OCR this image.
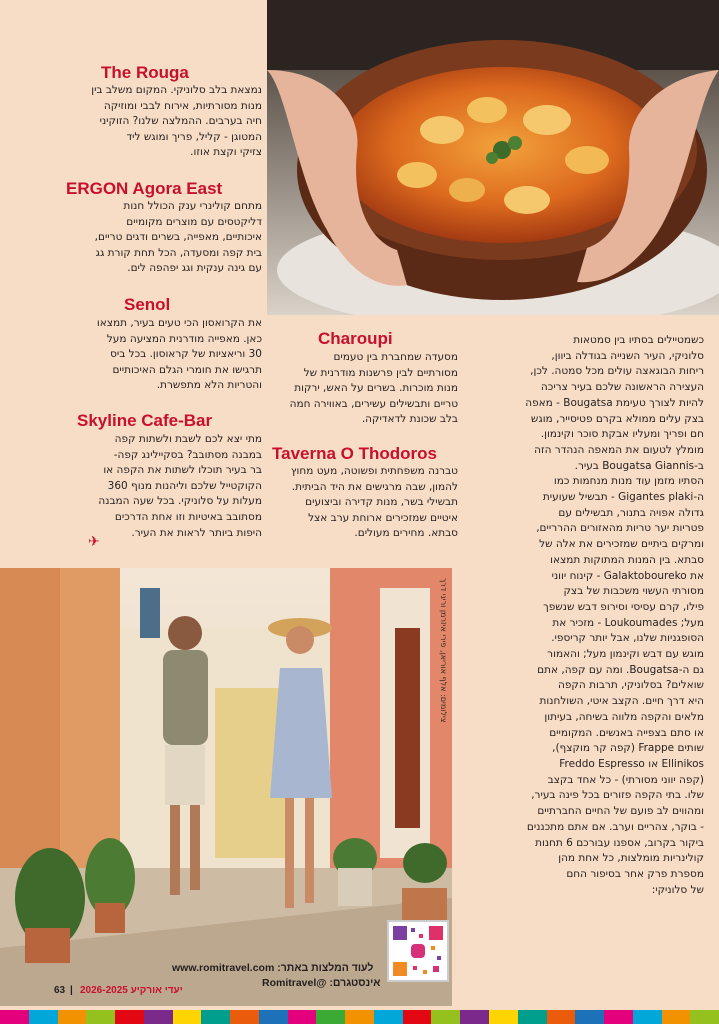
The Rouga

נמצאת בלב סלוניקי. המקום משלב בין

מנות מסורתיות, אירוח לבבי ומוזיקה

חיה בערבים. ההמלצה שלנו? הזוקיני

המטוגן - קליל, פריך ומוגש ליד

צזיקי וקצת אוזו.

ERGON Agora East

מתחם קולינרי ענק הכולל חנות

דליקטסים עם מוצרים מקומיים

איכותיים, מאפייה, בשרים ודגים טריים,

בית קפה ומסעדה, הכל תחת קורת גג

עם גינה ענקית וגג יפהפה לים.

Senol

את הקרואסון הכי טעים בעיר, תמצאו

כאן. מאפייה מודרנית המציעה מעל

30 וריאציות של קראוסון. בכל ביס

תרגישו את חומרי הגלם האיכותיים

והטריות הלא מתפשרת.

Skyline Cafe-Bar

מתי יצא לכם לשבת ולשתות קפה

במבנה מסתובב? בסקיילינג קפה-

בר בעיר תוכלו לשתות את הקפה או

הקוקטייל שלכם וליהנות מנוף 360

מעלות על סלוניקי. בכל שעה המבנה

מסתובב באיטיות וזו אחת הדרכים

היפות ביותר לראות את העיר.

✈
Charoupi

מסעדה שמחברת בין טעמים

מסורתיים לבין פרשנות מודרנית של

מנות מוכרות. בשרים על האש, ירקות

טריים ותבשילים עשירים, באווירה חמה

בלב שכונת לדאדיקה.

Taverna O Thodoros

טברנה משפחתית ופשוטה, מעט מחוץ

להמון, שבה מרגישים את היד הביתית.

תבשילי בשר, מנות קדירה וביצועים

איטיים שמזכירים ארוחת ערב אצל

סבתא. מחירים מעולים.

כשמטיילים בסתיו בין סמטאות

סלוניקי, העיר השנייה בגודלה ביוון,

ריחות הבוגאצה עולים מכל סמטה. לכן,

העצירה הראשונה שלכם בעיר צריכה

להיות לצורך טעימת Bougatsa - מאפה

בצק עלים ממולא בקרם פטיסייר, מוגש

חם ופריך ומעליו אבקת סוכר וקינמון.

מומלץ לטעום את המאפה הנהדר הזה

ב-Bougatsa Giannis בעיר.

הסתיו מזמן עוד מנות מנחמות כמו

ה-Gigantes plaki - תבשיל שעועית

גדולה אפויה בתנור, תבשילים עם

פטריות יער טריות מהאזורים ההרריים,

ומרקים ביתיים שמזכירים את אלה של

סבתא. בין המנות המתוקות תמצאו

את Galaktoboureko - קינוח יווני

מסורתי העשוי משכבות של בצק

פילו, קרם עסיסי וסירופ דבש שנשפך

מעל; Loukoumades - מזכיר את

הסופגניות שלנו, אבל יותר קריספי.

מוגש עם דבש וקינמון מעל; והאמור

גם ה-Bougatsa. ומה עם קפה, אתם

שואלים? בסלוניקי, תרבות הקפה

היא דרך חיים. הקצב איטי, השולחנות

מלאים והקפה מלווה בשיחה, בעיתון

או סתם בצפייה באנשים. המקומיים

שותים Frappe (קפה קר מוקצף),

Ellinikos או Freddo Espresso

(קפה יווני מסורתי) - כל אחד בקצב

שלו. בתי הקפה פזורים בכל פינה בעיר,

ומהווים לב פועם של החיים החברתיים

- בוקר, צהריים וערב. אם אתם מתכננים

ביקור בקרוב, אספנו עבורכם 6 תחנות

קולינריות מומלצות, כל אחת מהן

מספרת פרק אחר בסיפור החם

של סלוניקי:

צילומים: אלף אוריאן, פירי איזרמן וריגי דרך
לעוד המלצות באתר: www.romitravel.com
אינסטגרם: @Romitravel
יעדי אורקיע 2026-2025
|
63
